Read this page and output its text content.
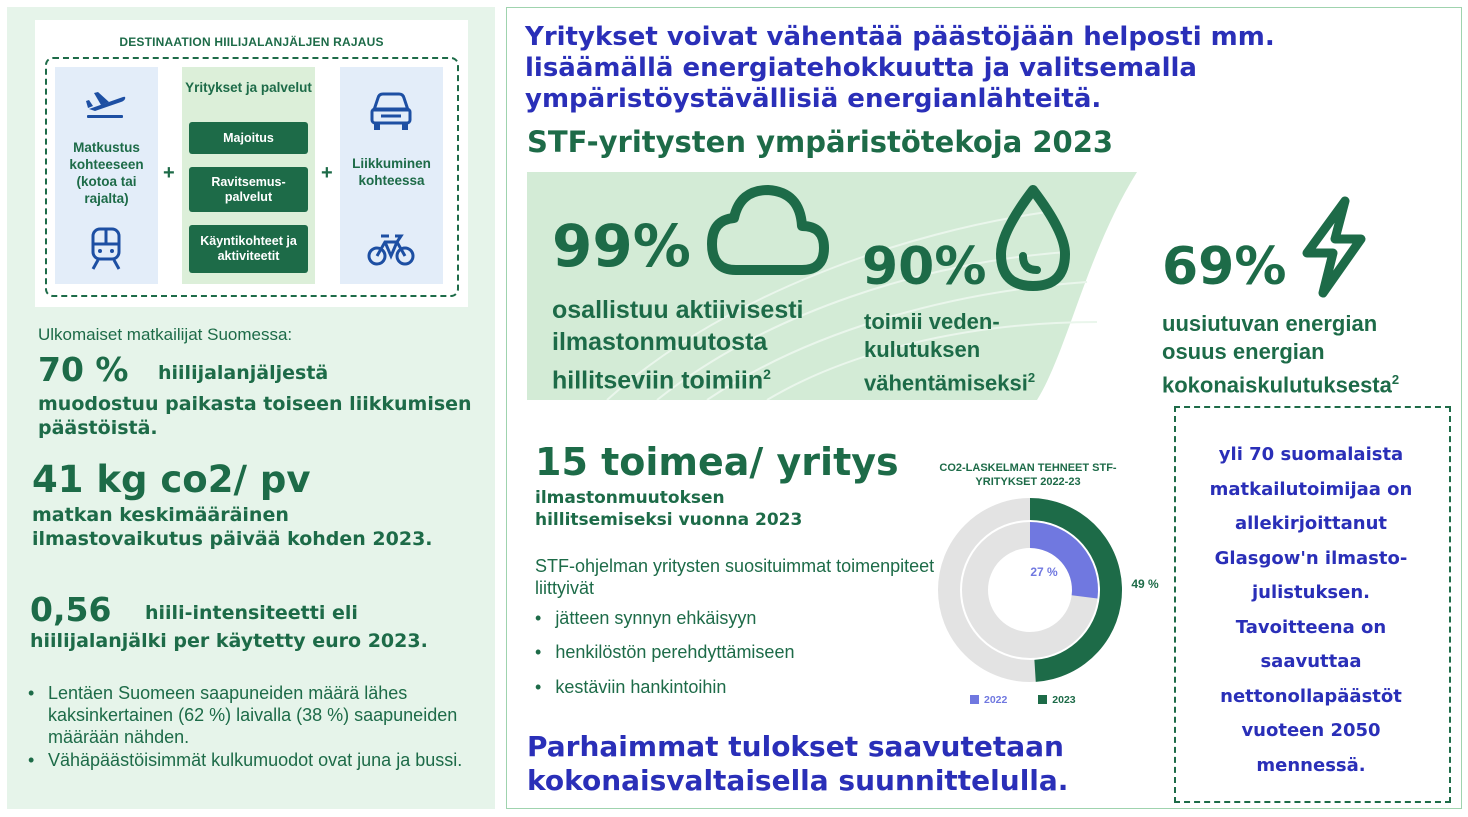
DESTINAATION HIILIJALANJÄLJEN RAJAUS
Matkustus kohteeseen (kotoa tai rajalta)
+
Yritykset ja palvelut
Majoitus
Ravitsemus-palvelut
Käyntikohteet ja aktiviteetit
+	Liikkuminen kohteessa
Ulkomaiset matkailijat Suomessa:
70 % hiilijalanjäljestä
muodostuu paikasta toiseen liikkumisen päästöistä.
41 kg co2/ pv
matkan keskimääräinen ilmastovaikutus päivää kohden 2023.
0,56 hiili-intensiteetti eli
hiilijalanjälki per käytetty euro 2023.
• Lentäen Suomeen saapuneiden määrä lähes kaksinkertainen (62 %) laivalla (38 %) saapuneiden määrään nähden.
• Vähäpäästöisimmät kulkumuodot ovat juna ja bussi.
Yritykset voivat vähentää päästöjään helposti mm. lisäämällä energiatehokkuutta ja valitsemalla ympäristöystävällisiä energianlähteitä.
STF-yritysten ympäristötekoja 2023
99%
osallistuu aktiivisesti
ilmastonmuutosta
hillitseviin toimiin$^2$
90%
toimii veden-
kulutuksen
vähentämiseksi$^2$
69%
uusiutuvan energian
osuus energian
kokonaiskulutuksesta$^2$
15 toimea/ yritys
ilmastonmuutoksen hillitsemiseksi vuonna 2023
STF-ohjelman yritysten suosituimmat toimenpiteet liittyivät
• jätteen synnyn ehkäisyyn
• henkilöstön perehdyttämiseen
• kestäviin hankintoihin
Parhaimmat tulokset saavutetaan kokonaisvaltaisella suunnittelulla.
CO2-LASKELMAN TEHNEET STF-YRITYKSET 2022-23
27 %
49 %
2022	2023
yli 70 suomalaista
matkailutoimijaa on
allekirjoittanut
Glasgow'n ilmasto-
julistuksen.
Tavoitteena on
saavuttaa
nettonollapäästöt
vuoteen 2050
mennessä.
